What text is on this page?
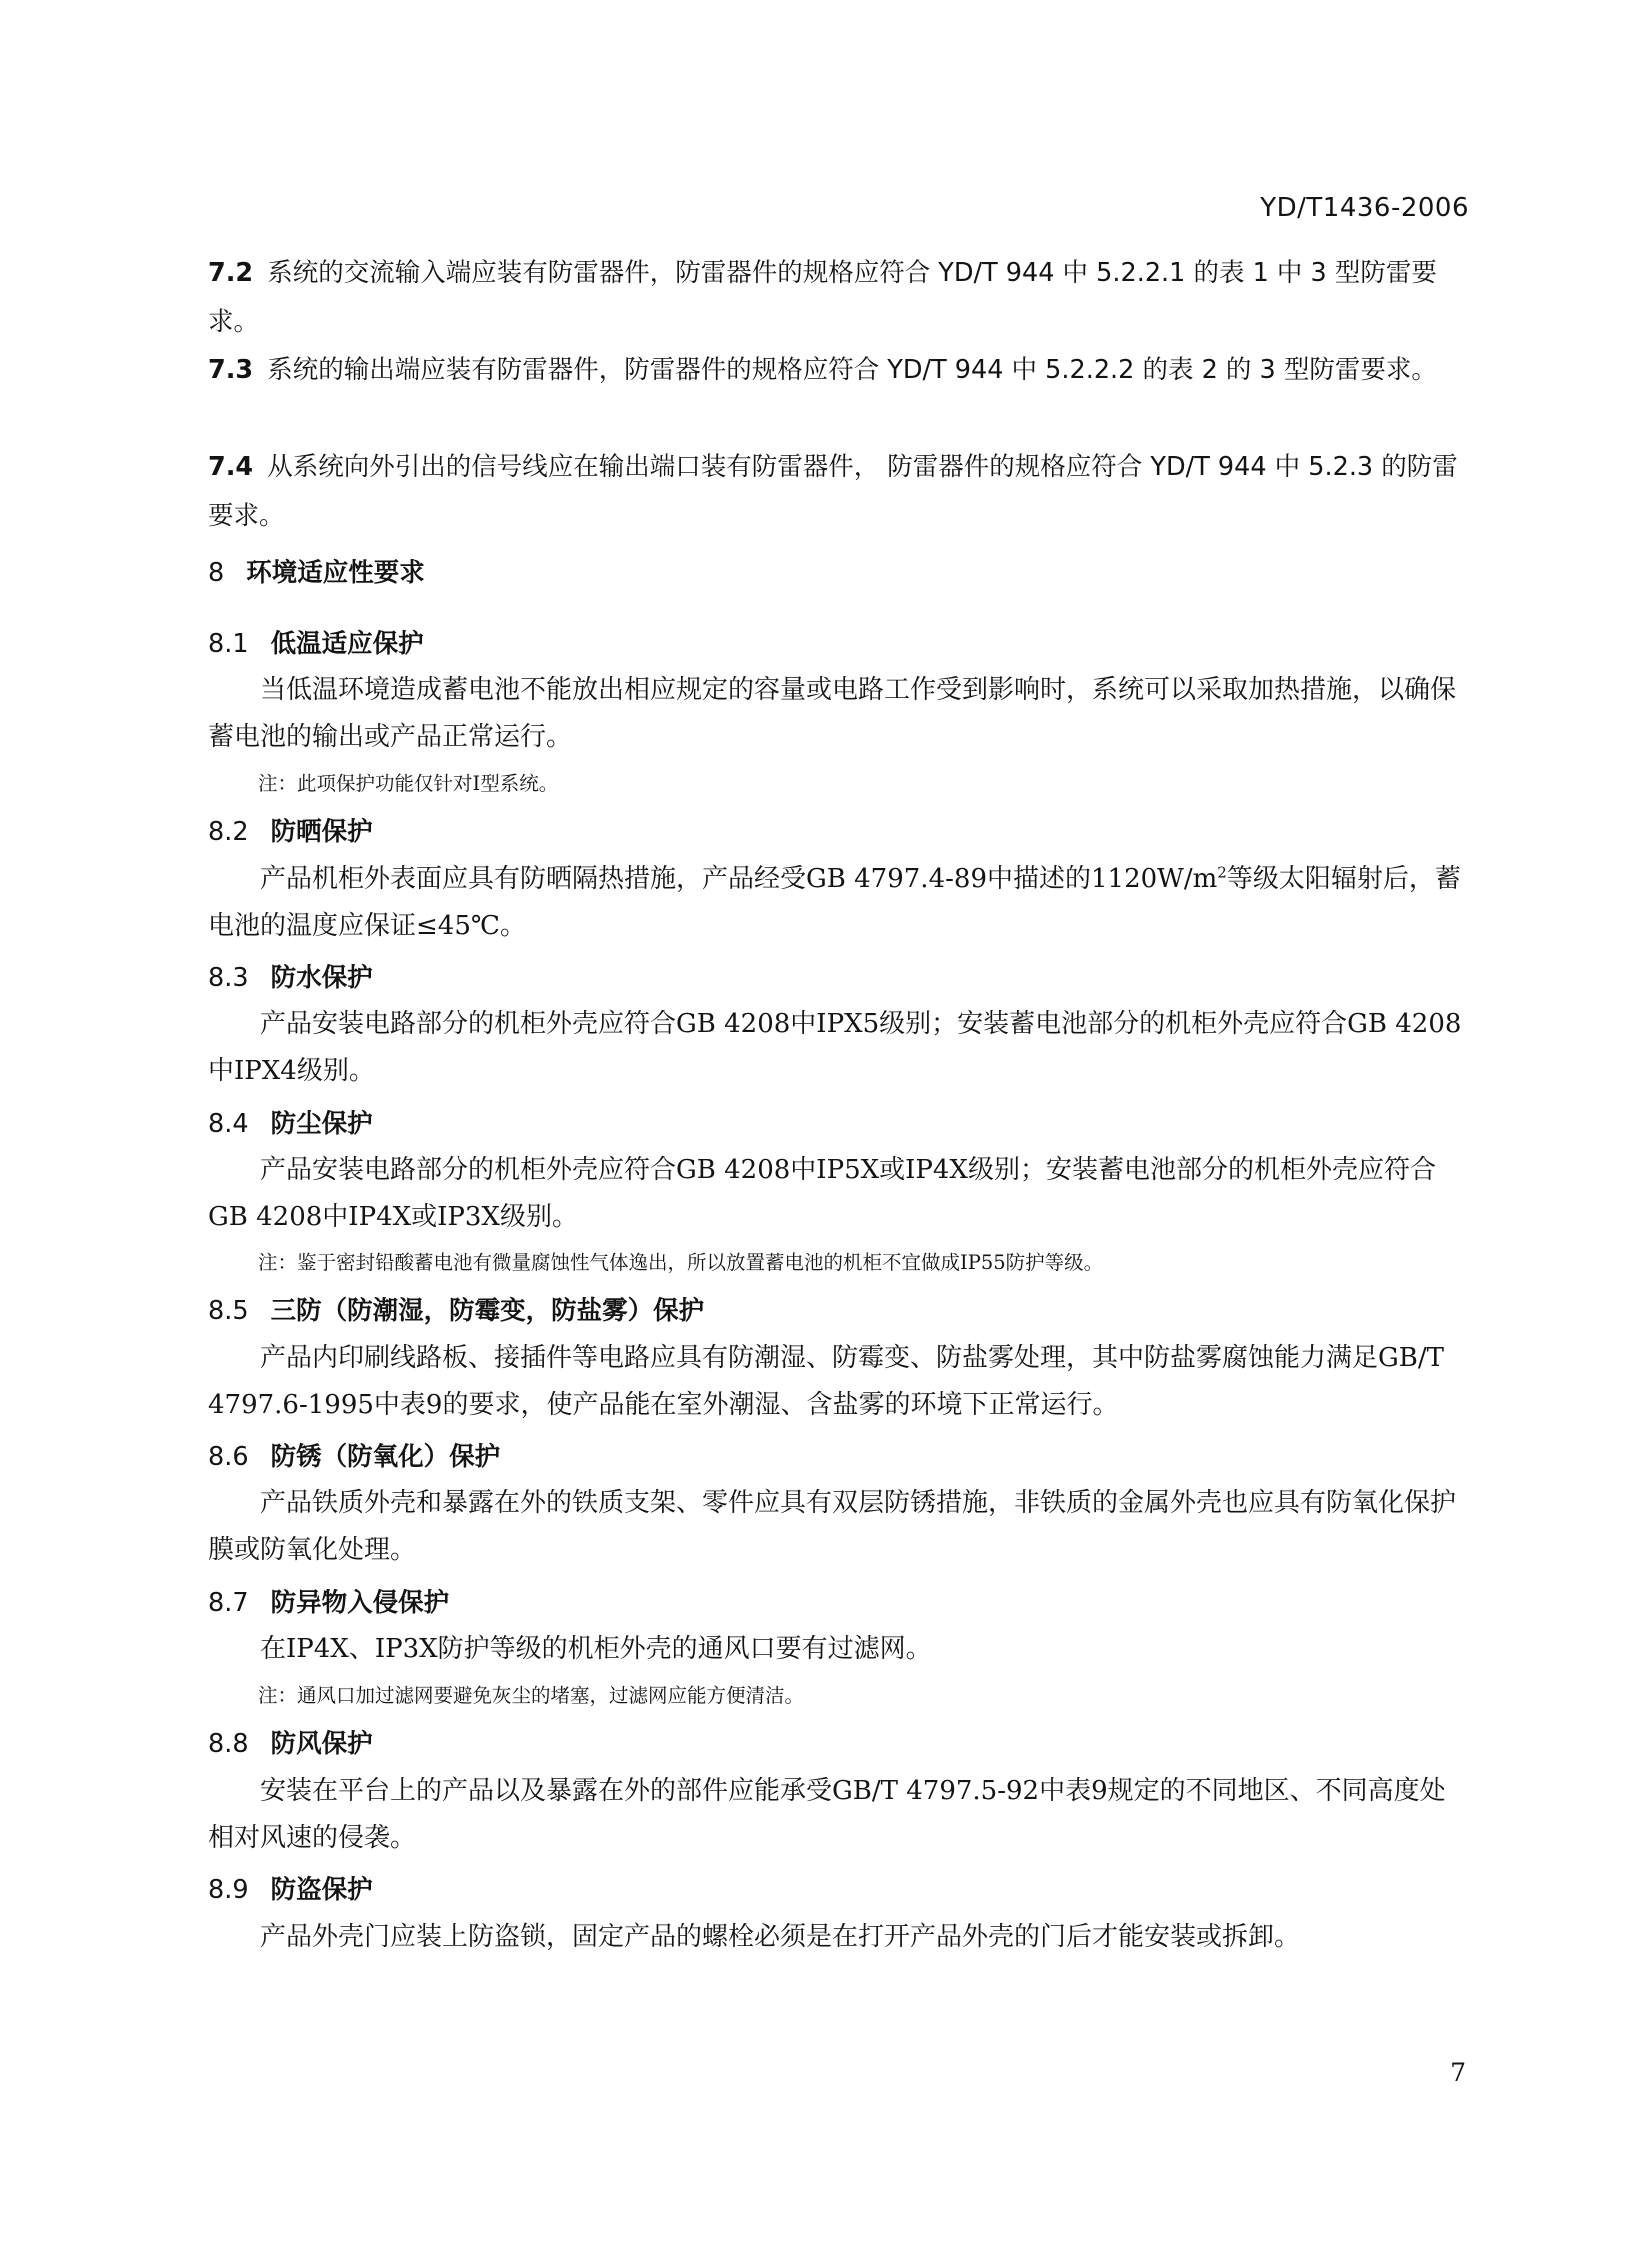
YD/T1436-2006
7.2 系统的交流输入端应装有防雷器件，防雷器件的规格应符合 YD/T 944 中 5.2.2.1 的表 1 中 3 型防雷要求。
7.3 系统的输出端应装有防雷器件，防雷器件的规格应符合 YD/T 944 中 5.2.2.2 的表 2 的 3 型防雷要求。
7.4 从系统向外引出的信号线应在输出端口装有防雷器件， 防雷器件的规格应符合 YD/T 944 中 5.2.3 的防雷要求。
8 环境适应性要求
8.1 低温适应保护
当低温环境造成蓄电池不能放出相应规定的容量或电路工作受到影响时，系统可以采取加热措施，以确保蓄电池的输出或产品正常运行。
注：此项保护功能仅针对I型系统。
8.2 防晒保护
产品机柜外表面应具有防晒隔热措施，产品经受GB 4797.4-89中描述的$1120W/m^2$等级太阳辐射后，蓄电池的温度应保证≤45℃。
8.3 防水保护
产品安装电路部分的机柜外壳应符合GB 4208中IPX5级别；安装蓄电池部分的机柜外壳应符合GB 4208中IPX4级别。
8.4 防尘保护
产品安装电路部分的机柜外壳应符合GB 4208中IP5X或IP4X级别；安装蓄电池部分的机柜外壳应符合GB 4208中IP4X或IP3X级别。
注：鉴于密封铅酸蓄电池有微量腐蚀性气体逸出，所以放置蓄电池的机柜不宜做成IP55防护等级。
8.5 三防（防潮湿，防霉变，防盐雾）保护
产品内印刷线路板、接插件等电路应具有防潮湿、防霉变、防盐雾处理，其中防盐雾腐蚀能力满足GB/T 4797.6-1995中表9的要求，使产品能在室外潮湿、含盐雾的环境下正常运行。
8.6 防锈（防氧化）保护
产品铁质外壳和暴露在外的铁质支架、零件应具有双层防锈措施，非铁质的金属外壳也应具有防氧化保护膜或防氧化处理。
8.7 防异物入侵保护
在IP4X、IP3X防护等级的机柜外壳的通风口要有过滤网。
注：通风口加过滤网要避免灰尘的堵塞，过滤网应能方便清洁。
8.8 防风保护
安装在平台上的产品以及暴露在外的部件应能承受GB/T 4797.5-92中表9规定的不同地区、不同高度处相对风速的侵袭。
8.9 防盗保护
产品外壳门应装上防盗锁，固定产品的螺栓必须是在打开产品外壳的门后才能安装或拆卸。
7
